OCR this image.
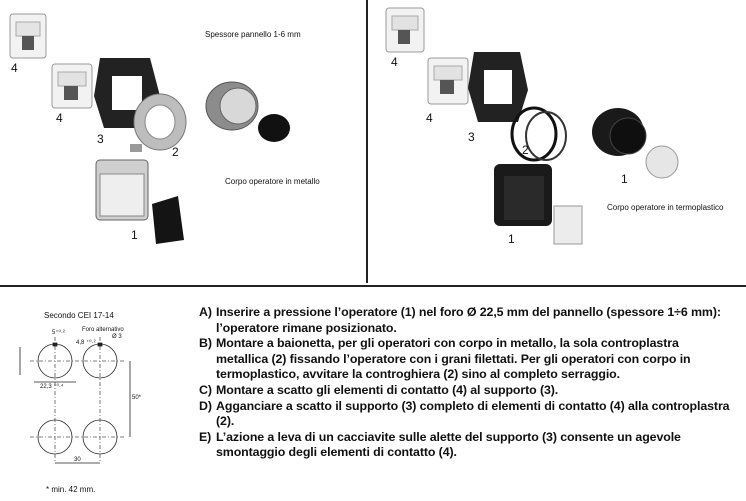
Spessore pannello 1-6 mm
Corpo operatore in metallo
4
4
3
2
1
Corpo operatore in termoplastico
4
4
3
2
1
1
Secondo CEI 17-14
5⁺⁰·²	Foro alternativo
Ø 3
4,8 ⁺⁰·²
22,3 ⁺⁰·⁴
50*
30
* min. 42 mm.
A) Inserire a pressione l’operatore (1) nel foro Ø 22,5 mm del pannello (spessore 1÷6 mm): l’operatore rimane posizionato.
B) Montare a baionetta, per gli operatori con corpo in metallo, la sola controplastra metallica (2) fissando l’operatore con i grani filettati. Per gli operatori con corpo in termoplastico, avvitare la controghiera (2) sino al completo serraggio.
C) Montare a scatto gli elementi di contatto (4) al supporto (3).
D) Agganciare a scatto il supporto (3) completo di elementi di contatto (4) alla controplastra (2).
E) L’azione a leva di un cacciavite sulle alette del supporto (3) consente un agevole smontaggio degli elementi di contatto (4).
